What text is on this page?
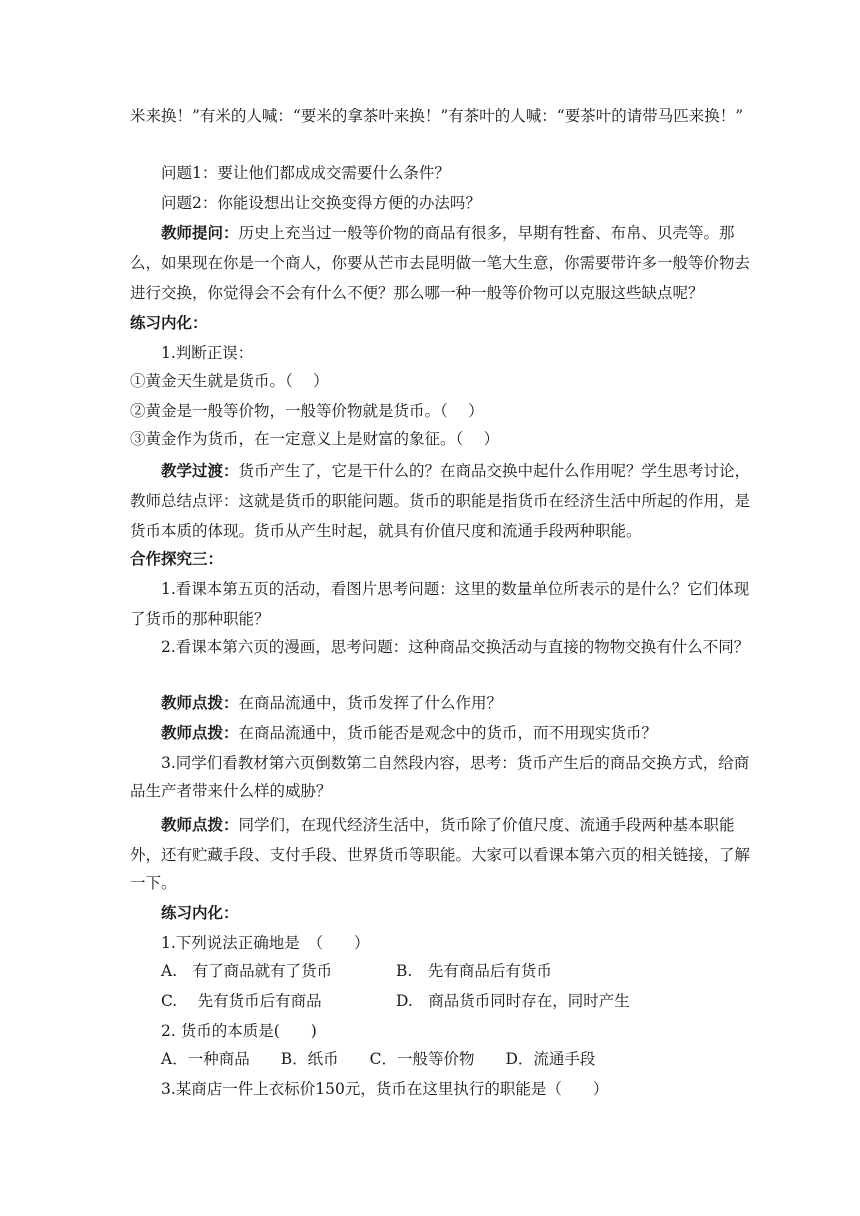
米来换！”有米的人喊：“要米的拿茶叶来换！”有茶叶的人喊：“要茶叶的请带马匹来换！”
问题1：要让他们都成成交需要什么条件？
问题2：你能设想出让交换变得方便的办法吗？
教师提问：历史上充当过一般等价物的商品有很多，早期有牲畜、布帛、贝壳等。那
么，如果现在你是一个商人，你要从芒市去昆明做一笔大生意，你需要带许多一般等价物去
进行交换，你觉得会不会有什么不便？那么哪一种一般等价物可以克服这些缺点呢？
练习内化：
1.判断正误：
①黄金天生就是货币。（　 ）
②黄金是一般等价物，一般等价物就是货币。（　 ）
③黄金作为货币，在一定意义上是财富的象征。（　 ）
教学过渡：货币产生了，它是干什么的？在商品交换中起什么作用呢？学生思考讨论，
教师总结点评：这就是货币的职能问题。货币的职能是指货币在经济生活中所起的作用，是
货币本质的体现。货币从产生时起，就具有价值尺度和流通手段两种职能。
合作探究三：
1.看课本第五页的活动，看图片思考问题：这里的数量单位所表示的是什么？它们体现
了货币的那种职能？
2.看课本第六页的漫画，思考问题：这种商品交换活动与直接的物物交换有什么不同？
教师点拨：在商品流通中，货币发挥了什么作用？
教师点拨：在商品流通中，货币能否是观念中的货币，而不用现实货币？
3.同学们看教材第六页倒数第二自然段内容，思考：货币产生后的商品交换方式，给商
品生产者带来什么样的威胁？
教师点拨：同学们，在现代经济生活中，货币除了价值尺度、流通手段两种基本职能
外，还有贮藏手段、支付手段、世界货币等职能。大家可以看课本第六页的相关链接，了解
一下。
练习内化：
1.下列说法正确地是　（　　）
A.　有了商品就有了货币	B.　先有商品后有货币
C.　 先有货币后有商品	D.　商品货币同时存在，同时产生
2. 货币的本质是(　　)
A．一种商品　　B．纸币　　C．一般等价物　　D．流通手段
3.某商店一件上衣标价150元，货币在这里执行的职能是（　　）
